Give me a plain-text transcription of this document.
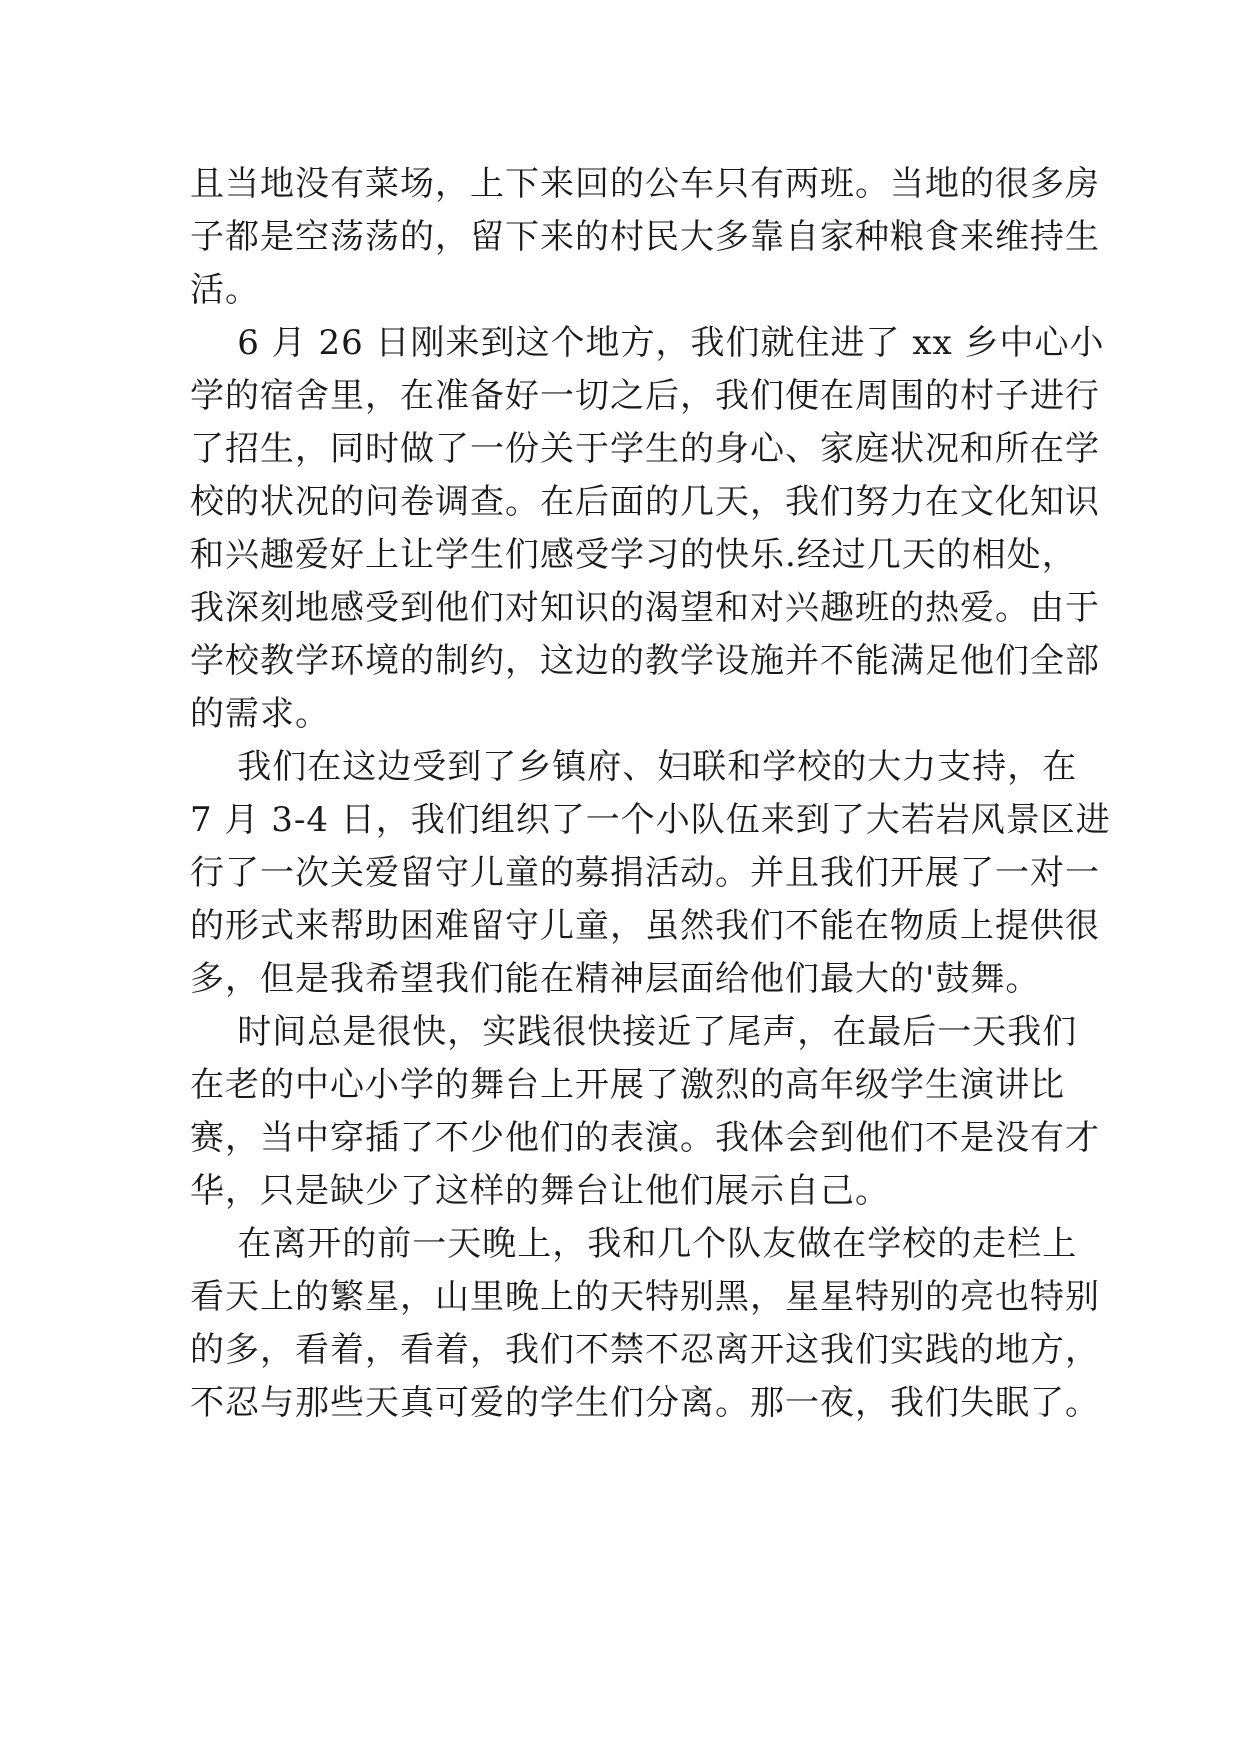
且当地没有菜场，上下来回的公车只有两班。当地的很多房
子都是空荡荡的，留下来的村民大多靠自家种粮食来维持生
活。
6 月 26 日刚来到这个地方，我们就住进了 xx 乡中心小
学的宿舍里，在准备好一切之后，我们便在周围的村子进行
了招生，同时做了一份关于学生的身心、家庭状况和所在学
校的状况的问卷调查。在后面的几天，我们努力在文化知识
和兴趣爱好上让学生们感受学习的快乐.经过几天的相处，
我深刻地感受到他们对知识的渴望和对兴趣班的热爱。由于
学校教学环境的制约，这边的教学设施并不能满足他们全部
的需求。
我们在这边受到了乡镇府、妇联和学校的大力支持，在
7 月 3-4 日，我们组织了一个小队伍来到了大若岩风景区进
行了一次关爱留守儿童的募捐活动。并且我们开展了一对一
的形式来帮助困难留守儿童，虽然我们不能在物质上提供很
多，但是我希望我们能在精神层面给他们最大的'鼓舞。
时间总是很快，实践很快接近了尾声，在最后一天我们
在老的中心小学的舞台上开展了激烈的高年级学生演讲比
赛，当中穿插了不少他们的表演。我体会到他们不是没有才
华，只是缺少了这样的舞台让他们展示自己。
在离开的前一天晚上，我和几个队友做在学校的走栏上
看天上的繁星，山里晚上的天特别黑，星星特别的亮也特别
的多，看着，看着，我们不禁不忍离开这我们实践的地方，
不忍与那些天真可爱的学生们分离。那一夜，我们失眠了。
